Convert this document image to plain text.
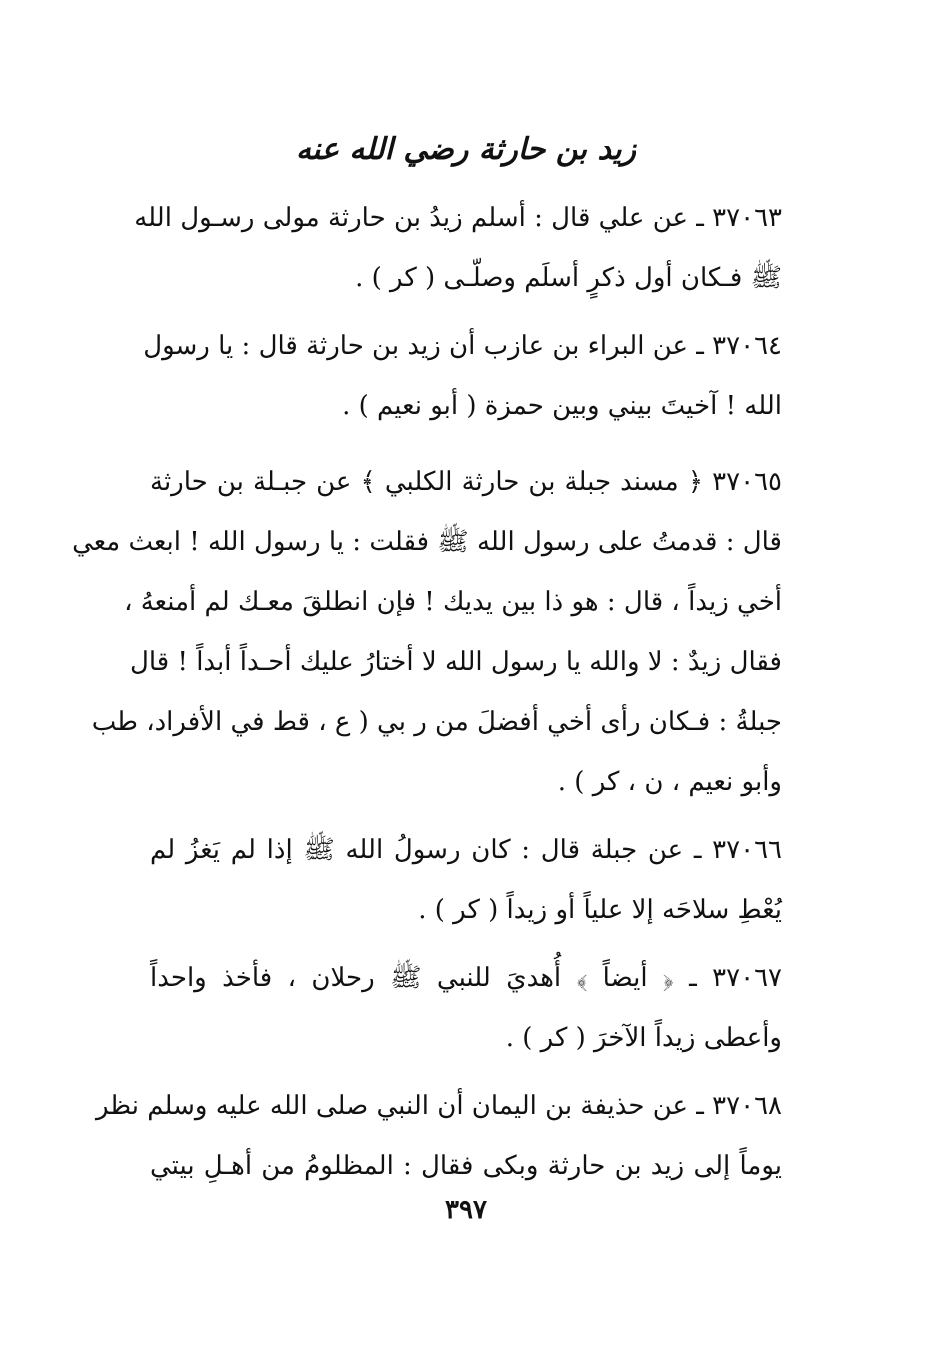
زيد بن حارثة رضي الله عنه

٣٧٠٦٣ ـ عن علي قال : أسلم زيدُ بن حارثة مولى رسـول الله
ﷺ فـكان أول ذكرٍ أسلَم وصلّـى ( كر ) .

٣٧٠٦٤ ـ عن البراء بن عازب أن زيد بن حارثة قال : يا رسول
الله ! آخيتَ بيني وبين حمزة ( أبو نعيم ) .

٣٧٠٦٥ ﴿ مسند جبلة بن حارثة الكلبي ﴾ عن جبـلة بن حارثة
قال : قدمتُ على رسول الله ﷺ فقلت : يا رسول الله ! ابعث معي
أخي زيداً ، قال : هو ذا بين يديك ! فإن انطلقَ معـك لم أمنعهُ ،
فقال زيدٌ : لا والله يا رسول الله لا أختارُ عليك أحـداً أبداً ! قال
جبلةُ : فـكان رأى أخي أفضلَ من ر بي ( ع ، قط في الأفراد، طب
وأبو نعيم ، ن ، كر ) .

٣٧٠٦٦ ـ عن جبلة قال : كان رسولُ الله ﷺ إذا لم يَغزُ لم
يُعْطِ سلاحَه إلا علياً أو زيداً ( كر ) .

٣٧٠٦٧ ـ ﴿ أيضاً ﴾ أُهديَ للنبي ﷺ رحلان ، فأخذ واحداً
وأعطى زيداً الآخرَ ( كر ) .

٣٧٠٦٨ ـ عن حذيفة بن اليمان أن النبي صلى الله عليه وسلم نظر
يوماً إلى زيد بن حارثة وبكى فقال : المظلومُ من أهـلِ بيتي

٣٩٧
